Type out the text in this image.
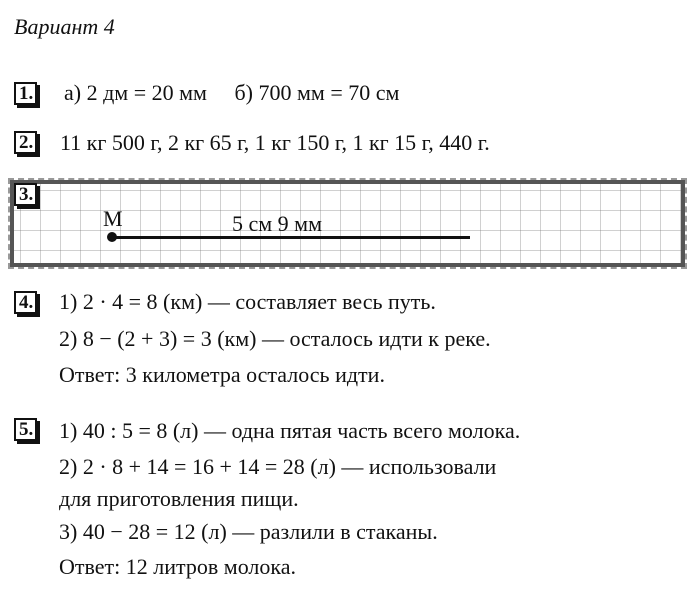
Вариант 4
1. а) 2 дм = 20 мм     б) 700 мм = 70 см
2. 11 кг 500 г, 2 кг 65 г, 1 кг 150 г, 1 кг 15 г, 440 г.
3.
M	5 см 9 мм
4. 1) 2 · 4 = 8 (км) — составляет весь путь.
2) 8 − (2 + 3) = 3 (км) — осталось идти к реке.
Ответ: 3 километра осталось идти.
5. 1) 40 : 5 = 8 (л) — одна пятая часть всего молока.
2) 2 · 8 + 14 = 16 + 14 = 28 (л) — использовали
для приготовления пищи.
3) 40 − 28 = 12 (л) — разлили в стаканы.
Ответ: 12 литров молока.
